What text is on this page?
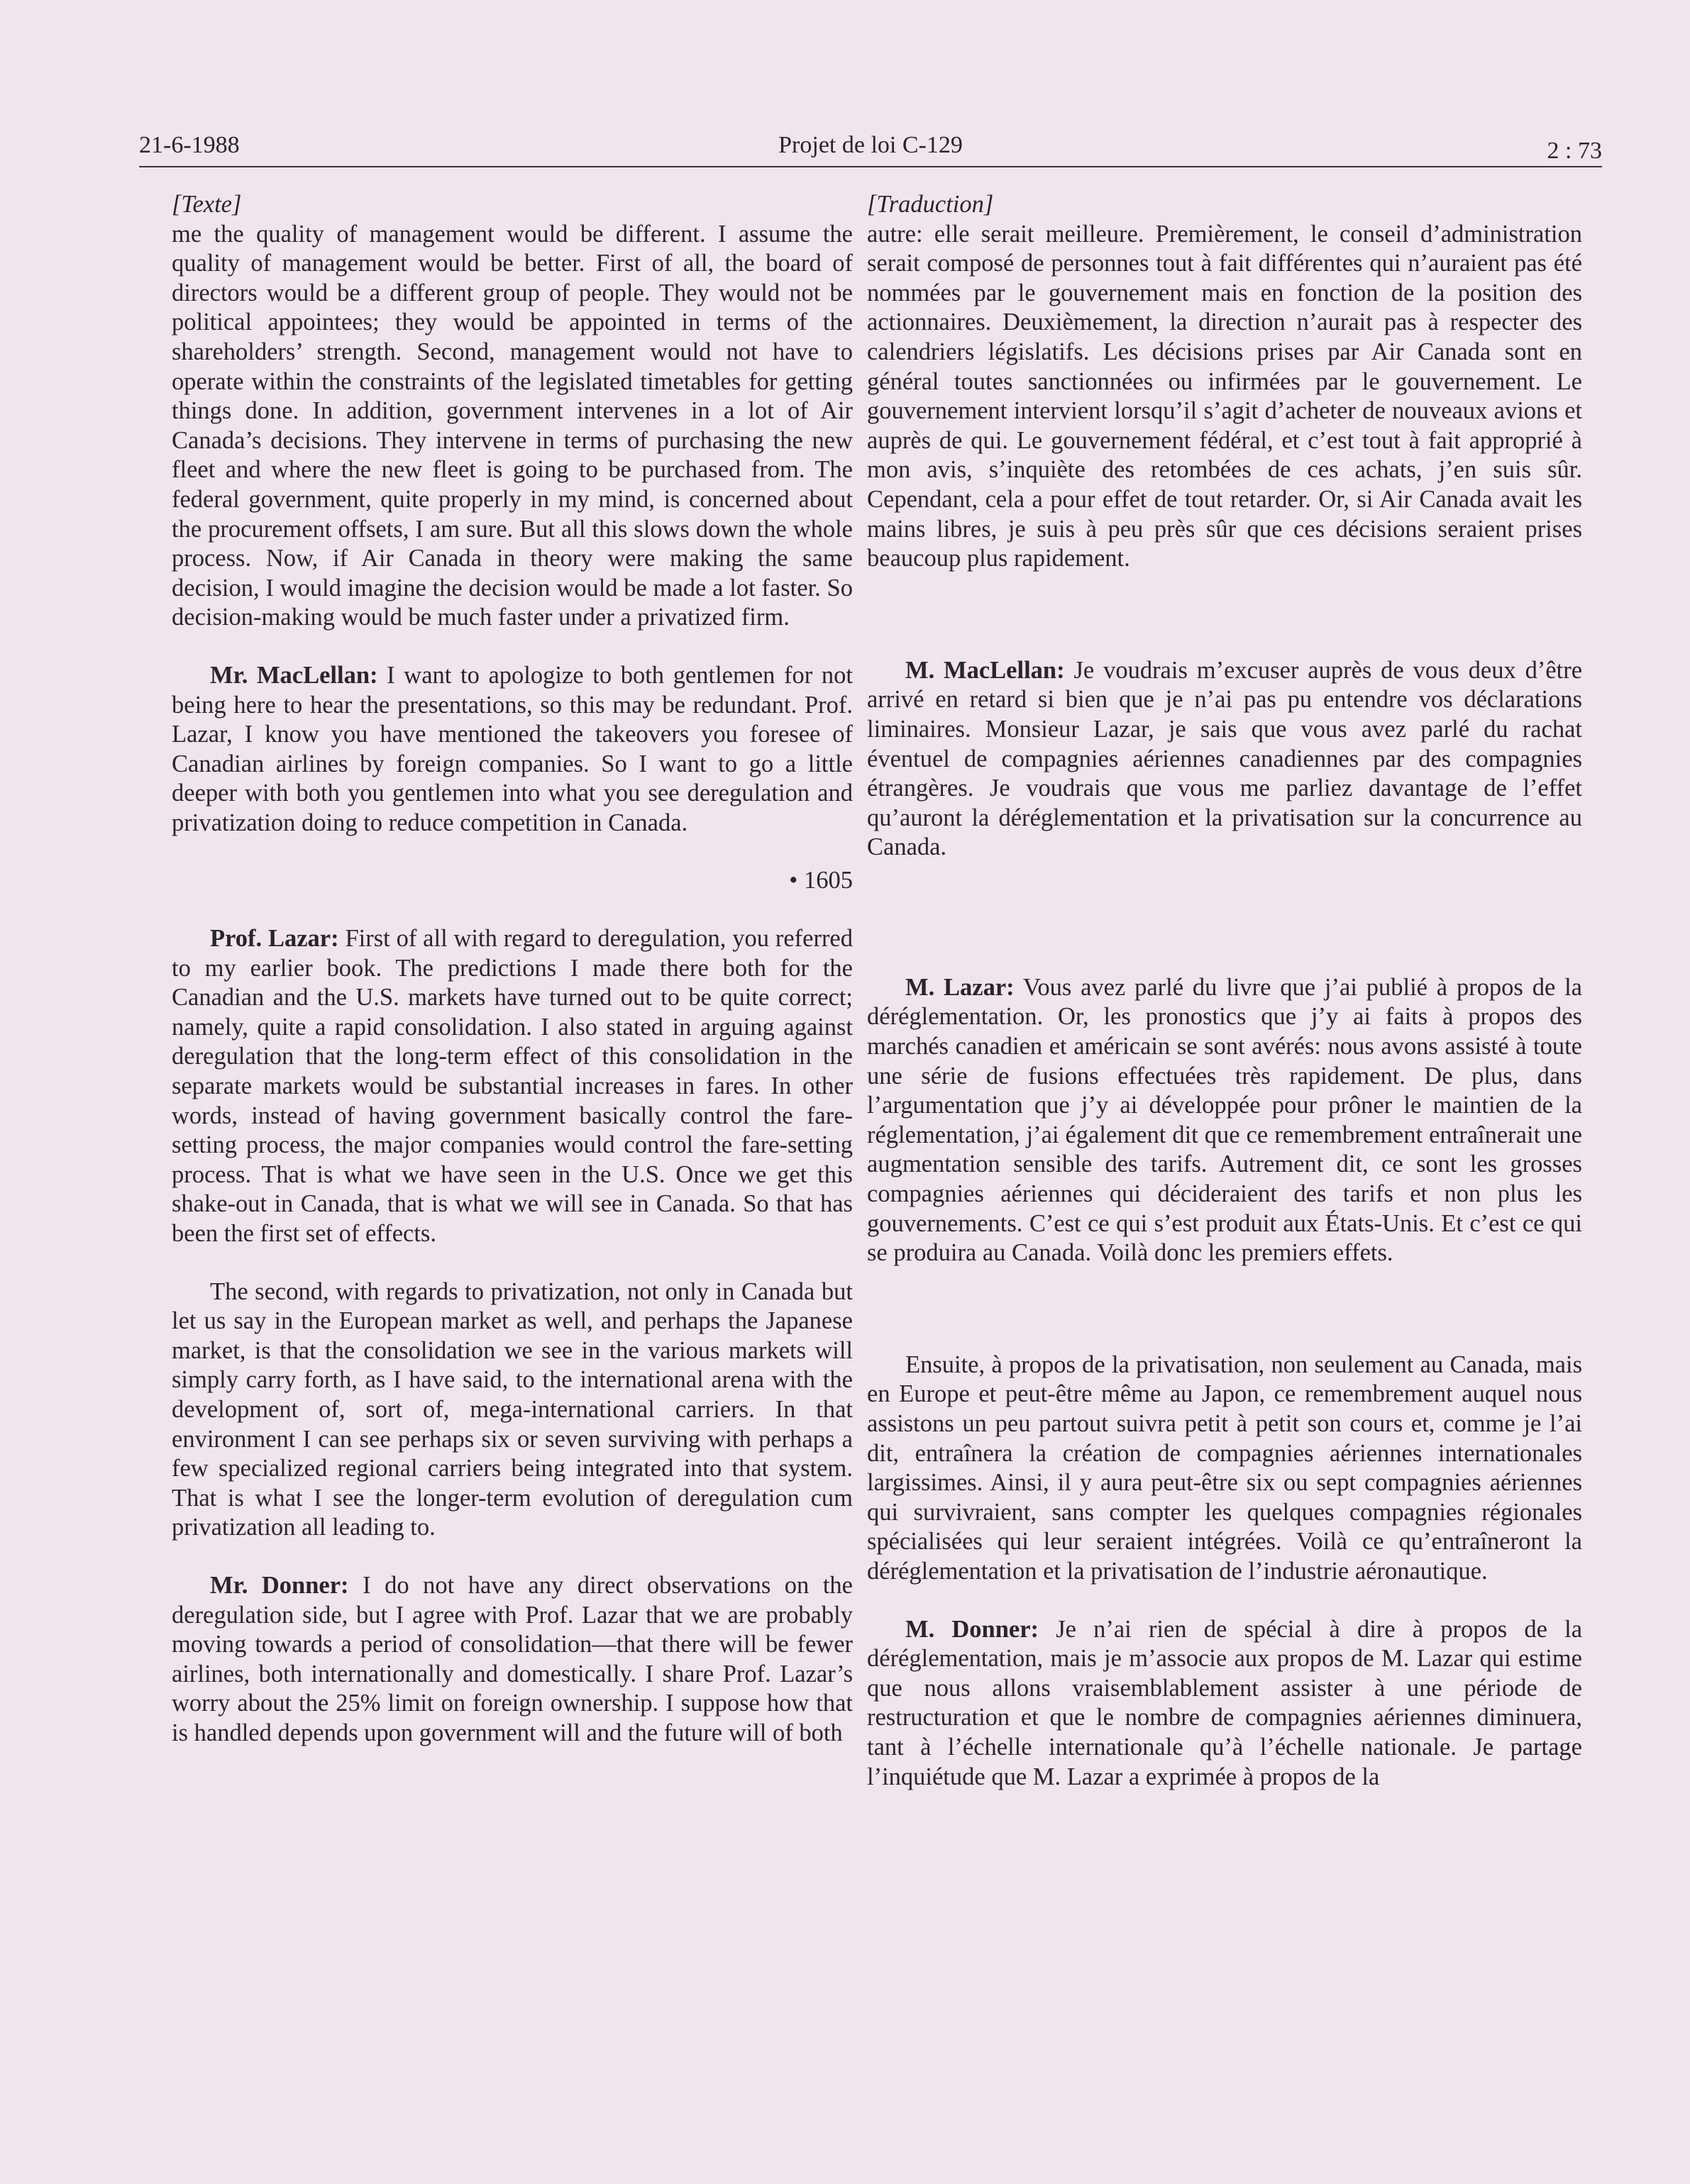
21-6-1988	Projet de loi C-129	2 : 73

[Texte]

me the quality of management would be different. I assume the quality of management would be better. First of all, the board of directors would be a different group of people. They would not be political appointees; they would be appointed in terms of the shareholders’ strength. Second, management would not have to operate within the constraints of the legislated timetables for getting things done. In addition, government intervenes in a lot of Air Canada’s decisions. They intervene in terms of purchasing the new fleet and where the new fleet is going to be purchased from. The federal government, quite properly in my mind, is concerned about the procurement offsets, I am sure. But all this slows down the whole process. Now, if Air Canada in theory were making the same decision, I would imagine the decision would be made a lot faster. So decision-making would be much faster under a privatized firm.

Mr. MacLellan: I want to apologize to both gentlemen for not being here to hear the presentations, so this may be redundant. Prof. Lazar, I know you have mentioned the takeovers you foresee of Canadian airlines by foreign companies. So I want to go a little deeper with both you gentlemen into what you see deregulation and privatization doing to reduce competition in Canada.

• 1605

Prof. Lazar: First of all with regard to deregulation, you referred to my earlier book. The predictions I made there both for the Canadian and the U.S. markets have turned out to be quite correct; namely, quite a rapid consolidation. I also stated in arguing against deregulation that the long-term effect of this consolidation in the separate markets would be substantial increases in fares. In other words, instead of having government basically control the fare-setting process, the major companies would control the fare-setting process. That is what we have seen in the U.S. Once we get this shake-out in Canada, that is what we will see in Canada. So that has been the first set of effects.

The second, with regards to privatization, not only in Canada but let us say in the European market as well, and perhaps the Japanese market, is that the consolidation we see in the various markets will simply carry forth, as I have said, to the international arena with the development of, sort of, mega-international carriers. In that environment I can see perhaps six or seven surviving with perhaps a few specialized regional carriers being integrated into that system. That is what I see the longer-term evolution of deregulation cum privatization all leading to.

Mr. Donner: I do not have any direct observations on the deregulation side, but I agree with Prof. Lazar that we are probably moving towards a period of consolidation—that there will be fewer airlines, both internationally and domestically. I share Prof. Lazar’s worry about the 25% limit on foreign ownership. I suppose how that is handled depends upon government will and the future will of both

[Traduction]

autre: elle serait meilleure. Premièrement, le conseil d’administration serait composé de personnes tout à fait différentes qui n’auraient pas été nommées par le gouvernement mais en fonction de la position des actionnaires. Deuxièmement, la direction n’aurait pas à respecter des calendriers législatifs. Les décisions prises par Air Canada sont en général toutes sanctionnées ou infirmées par le gouvernement. Le gouvernement intervient lorsqu’il s’agit d’acheter de nouveaux avions et auprès de qui. Le gouvernement fédéral, et c’est tout à fait approprié à mon avis, s’inquiète des retombées de ces achats, j’en suis sûr. Cependant, cela a pour effet de tout retarder. Or, si Air Canada avait les mains libres, je suis à peu près sûr que ces décisions seraient prises beaucoup plus rapidement.

M. MacLellan: Je voudrais m’excuser auprès de vous deux d’être arrivé en retard si bien que je n’ai pas pu entendre vos déclarations liminaires. Monsieur Lazar, je sais que vous avez parlé du rachat éventuel de compagnies aériennes canadiennes par des compagnies étrangères. Je voudrais que vous me parliez davantage de l’effet qu’auront la déréglementation et la privatisation sur la concurrence au Canada.

M. Lazar: Vous avez parlé du livre que j’ai publié à propos de la déréglementation. Or, les pronostics que j’y ai faits à propos des marchés canadien et américain se sont avérés: nous avons assisté à toute une série de fusions effectuées très rapidement. De plus, dans l’argumentation que j’y ai développée pour prôner le maintien de la réglementation, j’ai également dit que ce remembrement entraînerait une augmentation sensible des tarifs. Autrement dit, ce sont les grosses compagnies aériennes qui décideraient des tarifs et non plus les gouvernements. C’est ce qui s’est produit aux États-Unis. Et c’est ce qui se produira au Canada. Voilà donc les premiers effets.

Ensuite, à propos de la privatisation, non seulement au Canada, mais en Europe et peut-être même au Japon, ce remembrement auquel nous assistons un peu partout suivra petit à petit son cours et, comme je l’ai dit, entraînera la création de compagnies aériennes internationales largissimes. Ainsi, il y aura peut-être six ou sept compagnies aériennes qui survivraient, sans compter les quelques compagnies régionales spécialisées qui leur seraient intégrées. Voilà ce qu’entraîneront la déréglementation et la privatisation de l’industrie aéronautique.

M. Donner: Je n’ai rien de spécial à dire à propos de la déréglementation, mais je m’associe aux propos de M. Lazar qui estime que nous allons vraisemblablement assister à une période de restructuration et que le nombre de compagnies aériennes diminuera, tant à l’échelle internationale qu’à l’échelle nationale. Je partage l’inquiétude que M. Lazar a exprimée à propos de la
